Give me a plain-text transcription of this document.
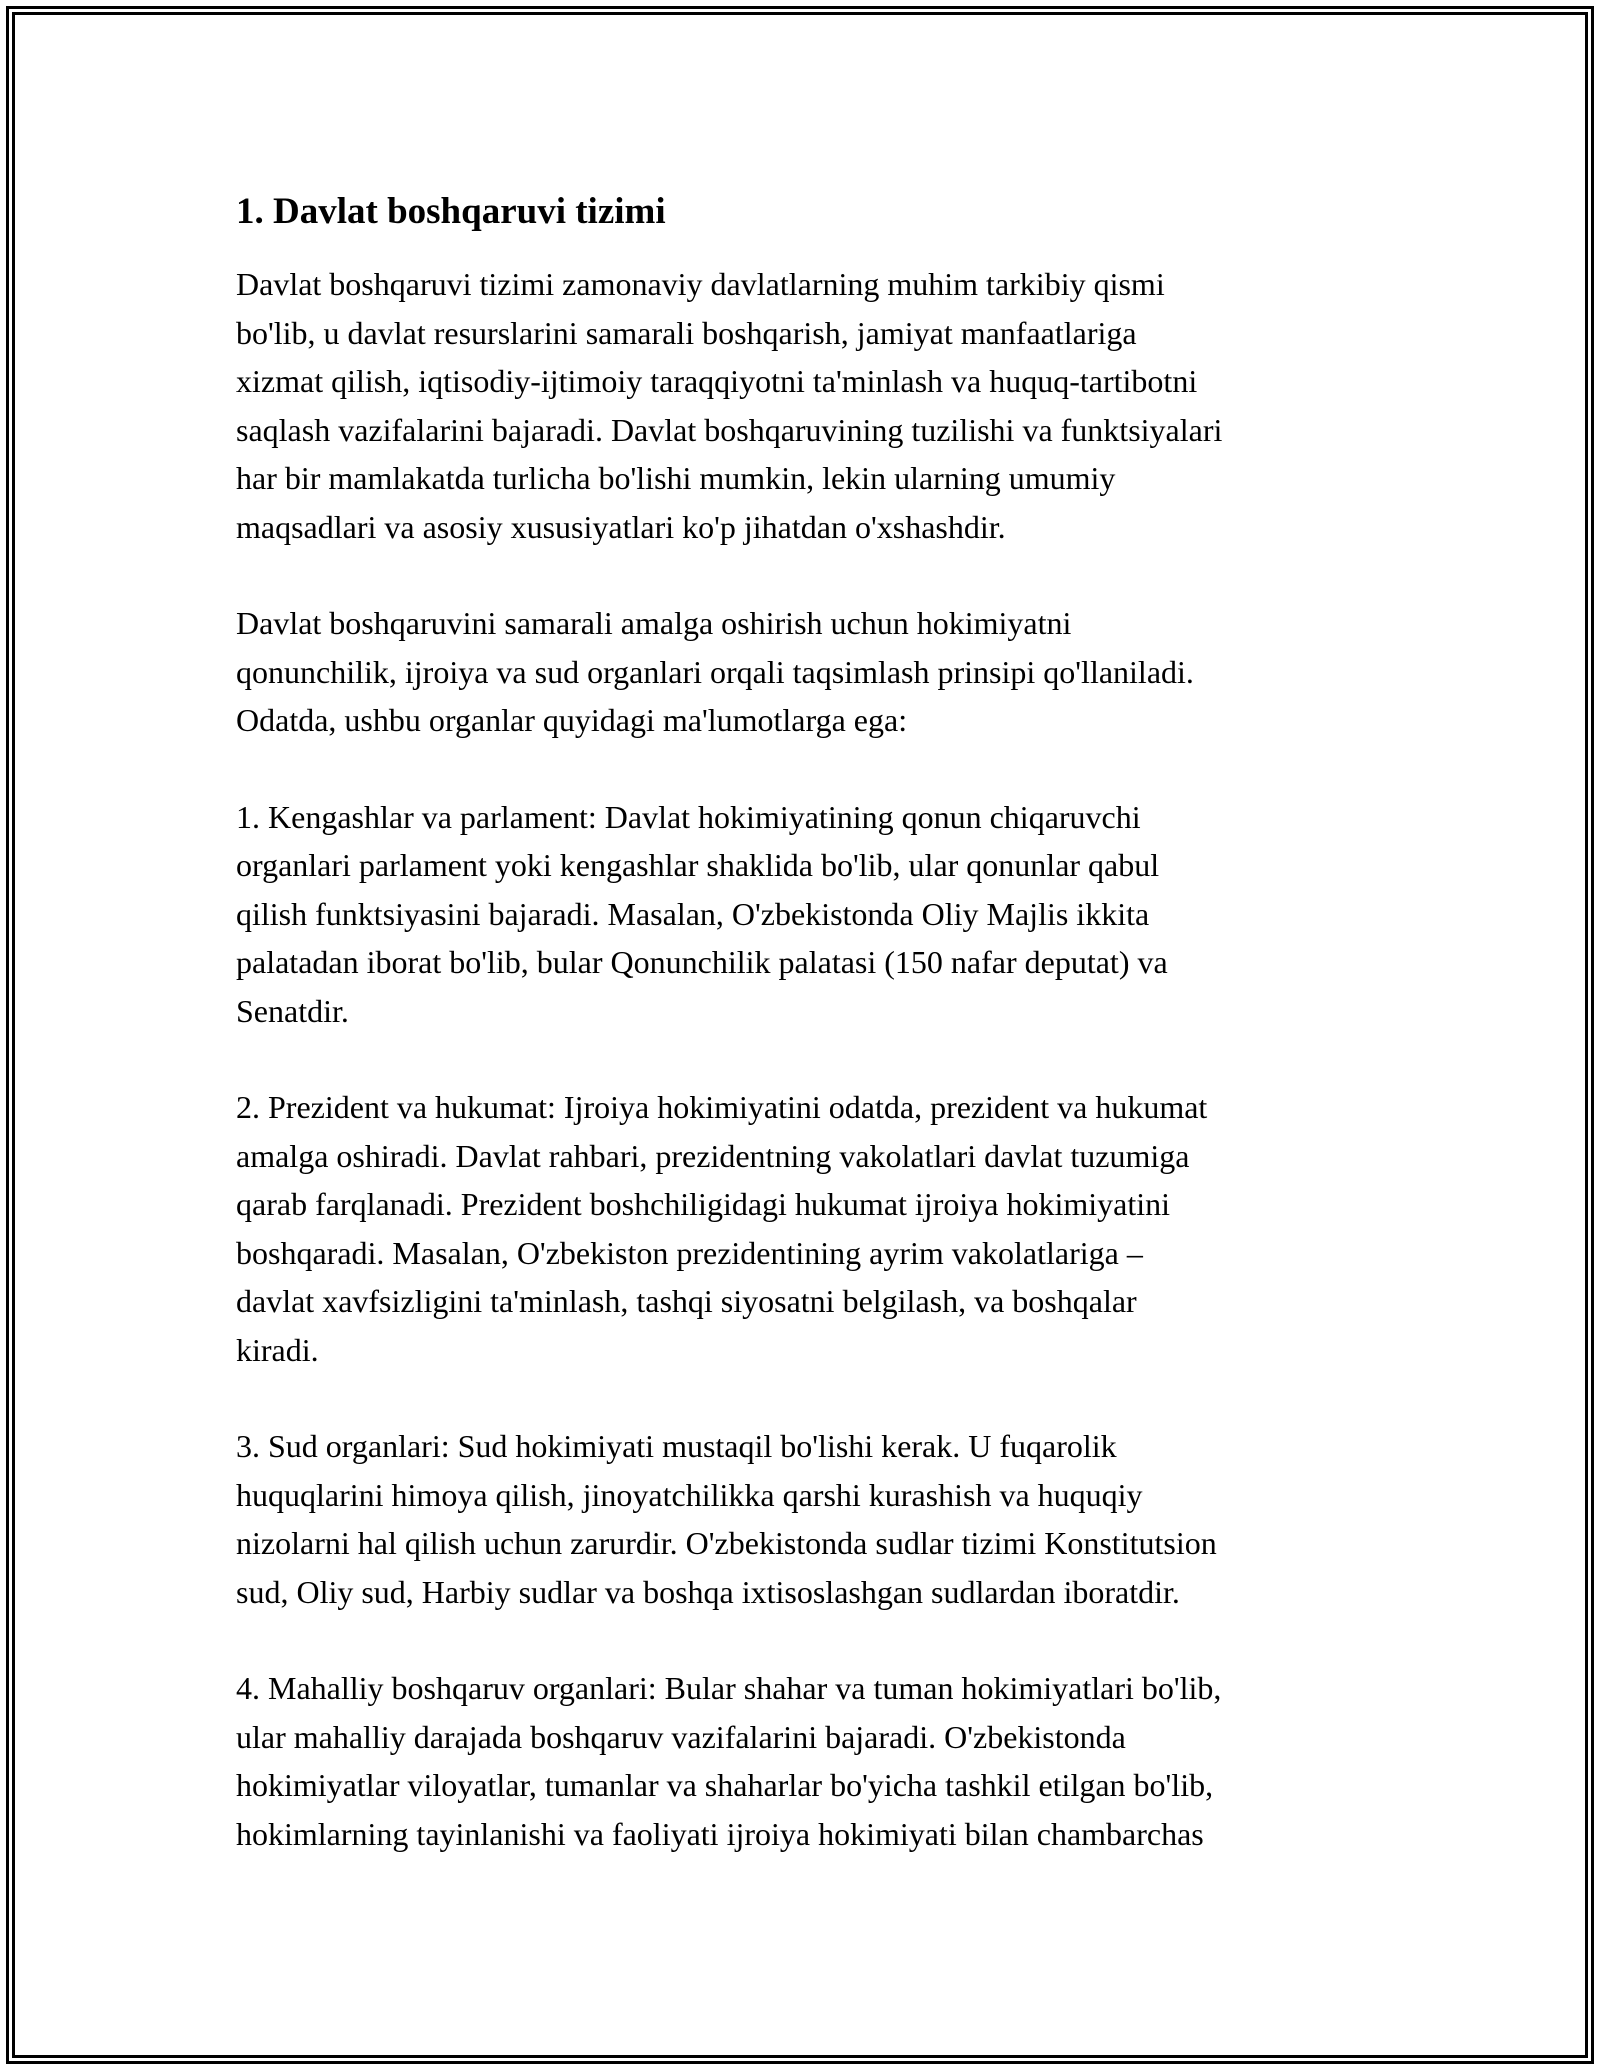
1. Davlat boshqaruvi tizimi

Davlat boshqaruvi tizimi zamonaviy davlatlarning muhim tarkibiy qismi
bo'lib, u davlat resurslarini samarali boshqarish, jamiyat manfaatlariga
xizmat qilish, iqtisodiy-ijtimoiy taraqqiyotni ta'minlash va huquq-tartibotni
saqlash vazifalarini bajaradi. Davlat boshqaruvining tuzilishi va funktsiyalari
har bir mamlakatda turlicha bo'lishi mumkin, lekin ularning umumiy
maqsadlari va asosiy xususiyatlari ko'p jihatdan o'xshashdir.

Davlat boshqaruvini samarali amalga oshirish uchun hokimiyatni
qonunchilik, ijroiya va sud organlari orqali taqsimlash prinsipi qo'llaniladi.
Odatda, ushbu organlar quyidagi ma'lumotlarga ega:

1. Kengashlar va parlament: Davlat hokimiyatining qonun chiqaruvchi
organlari parlament yoki kengashlar shaklida bo'lib, ular qonunlar qabul
qilish funktsiyasini bajaradi. Masalan, O'zbekistonda Oliy Majlis ikkita
palatadan iborat bo'lib, bular Qonunchilik palatasi (150 nafar deputat) va
Senatdir.

2. Prezident va hukumat: Ijroiya hokimiyatini odatda, prezident va hukumat
amalga oshiradi. Davlat rahbari, prezidentning vakolatlari davlat tuzumiga
qarab farqlanadi. Prezident boshchiligidagi hukumat ijroiya hokimiyatini
boshqaradi. Masalan, O'zbekiston prezidentining ayrim vakolatlariga –
davlat xavfsizligini ta'minlash, tashqi siyosatni belgilash, va boshqalar
kiradi.

3. Sud organlari: Sud hokimiyati mustaqil bo'lishi kerak. U fuqarolik
huquqlarini himoya qilish, jinoyatchilikka qarshi kurashish va huquqiy
nizolarni hal qilish uchun zarurdir. O'zbekistonda sudlar tizimi Konstitutsion
sud, Oliy sud, Harbiy sudlar va boshqa ixtisoslashgan sudlardan iboratdir.

4. Mahalliy boshqaruv organlari: Bular shahar va tuman hokimiyatlari bo'lib,
ular mahalliy darajada boshqaruv vazifalarini bajaradi. O'zbekistonda
hokimiyatlar viloyatlar, tumanlar va shaharlar bo'yicha tashkil etilgan bo'lib,
hokimlarning tayinlanishi va faoliyati ijroiya hokimiyati bilan chambarchas
